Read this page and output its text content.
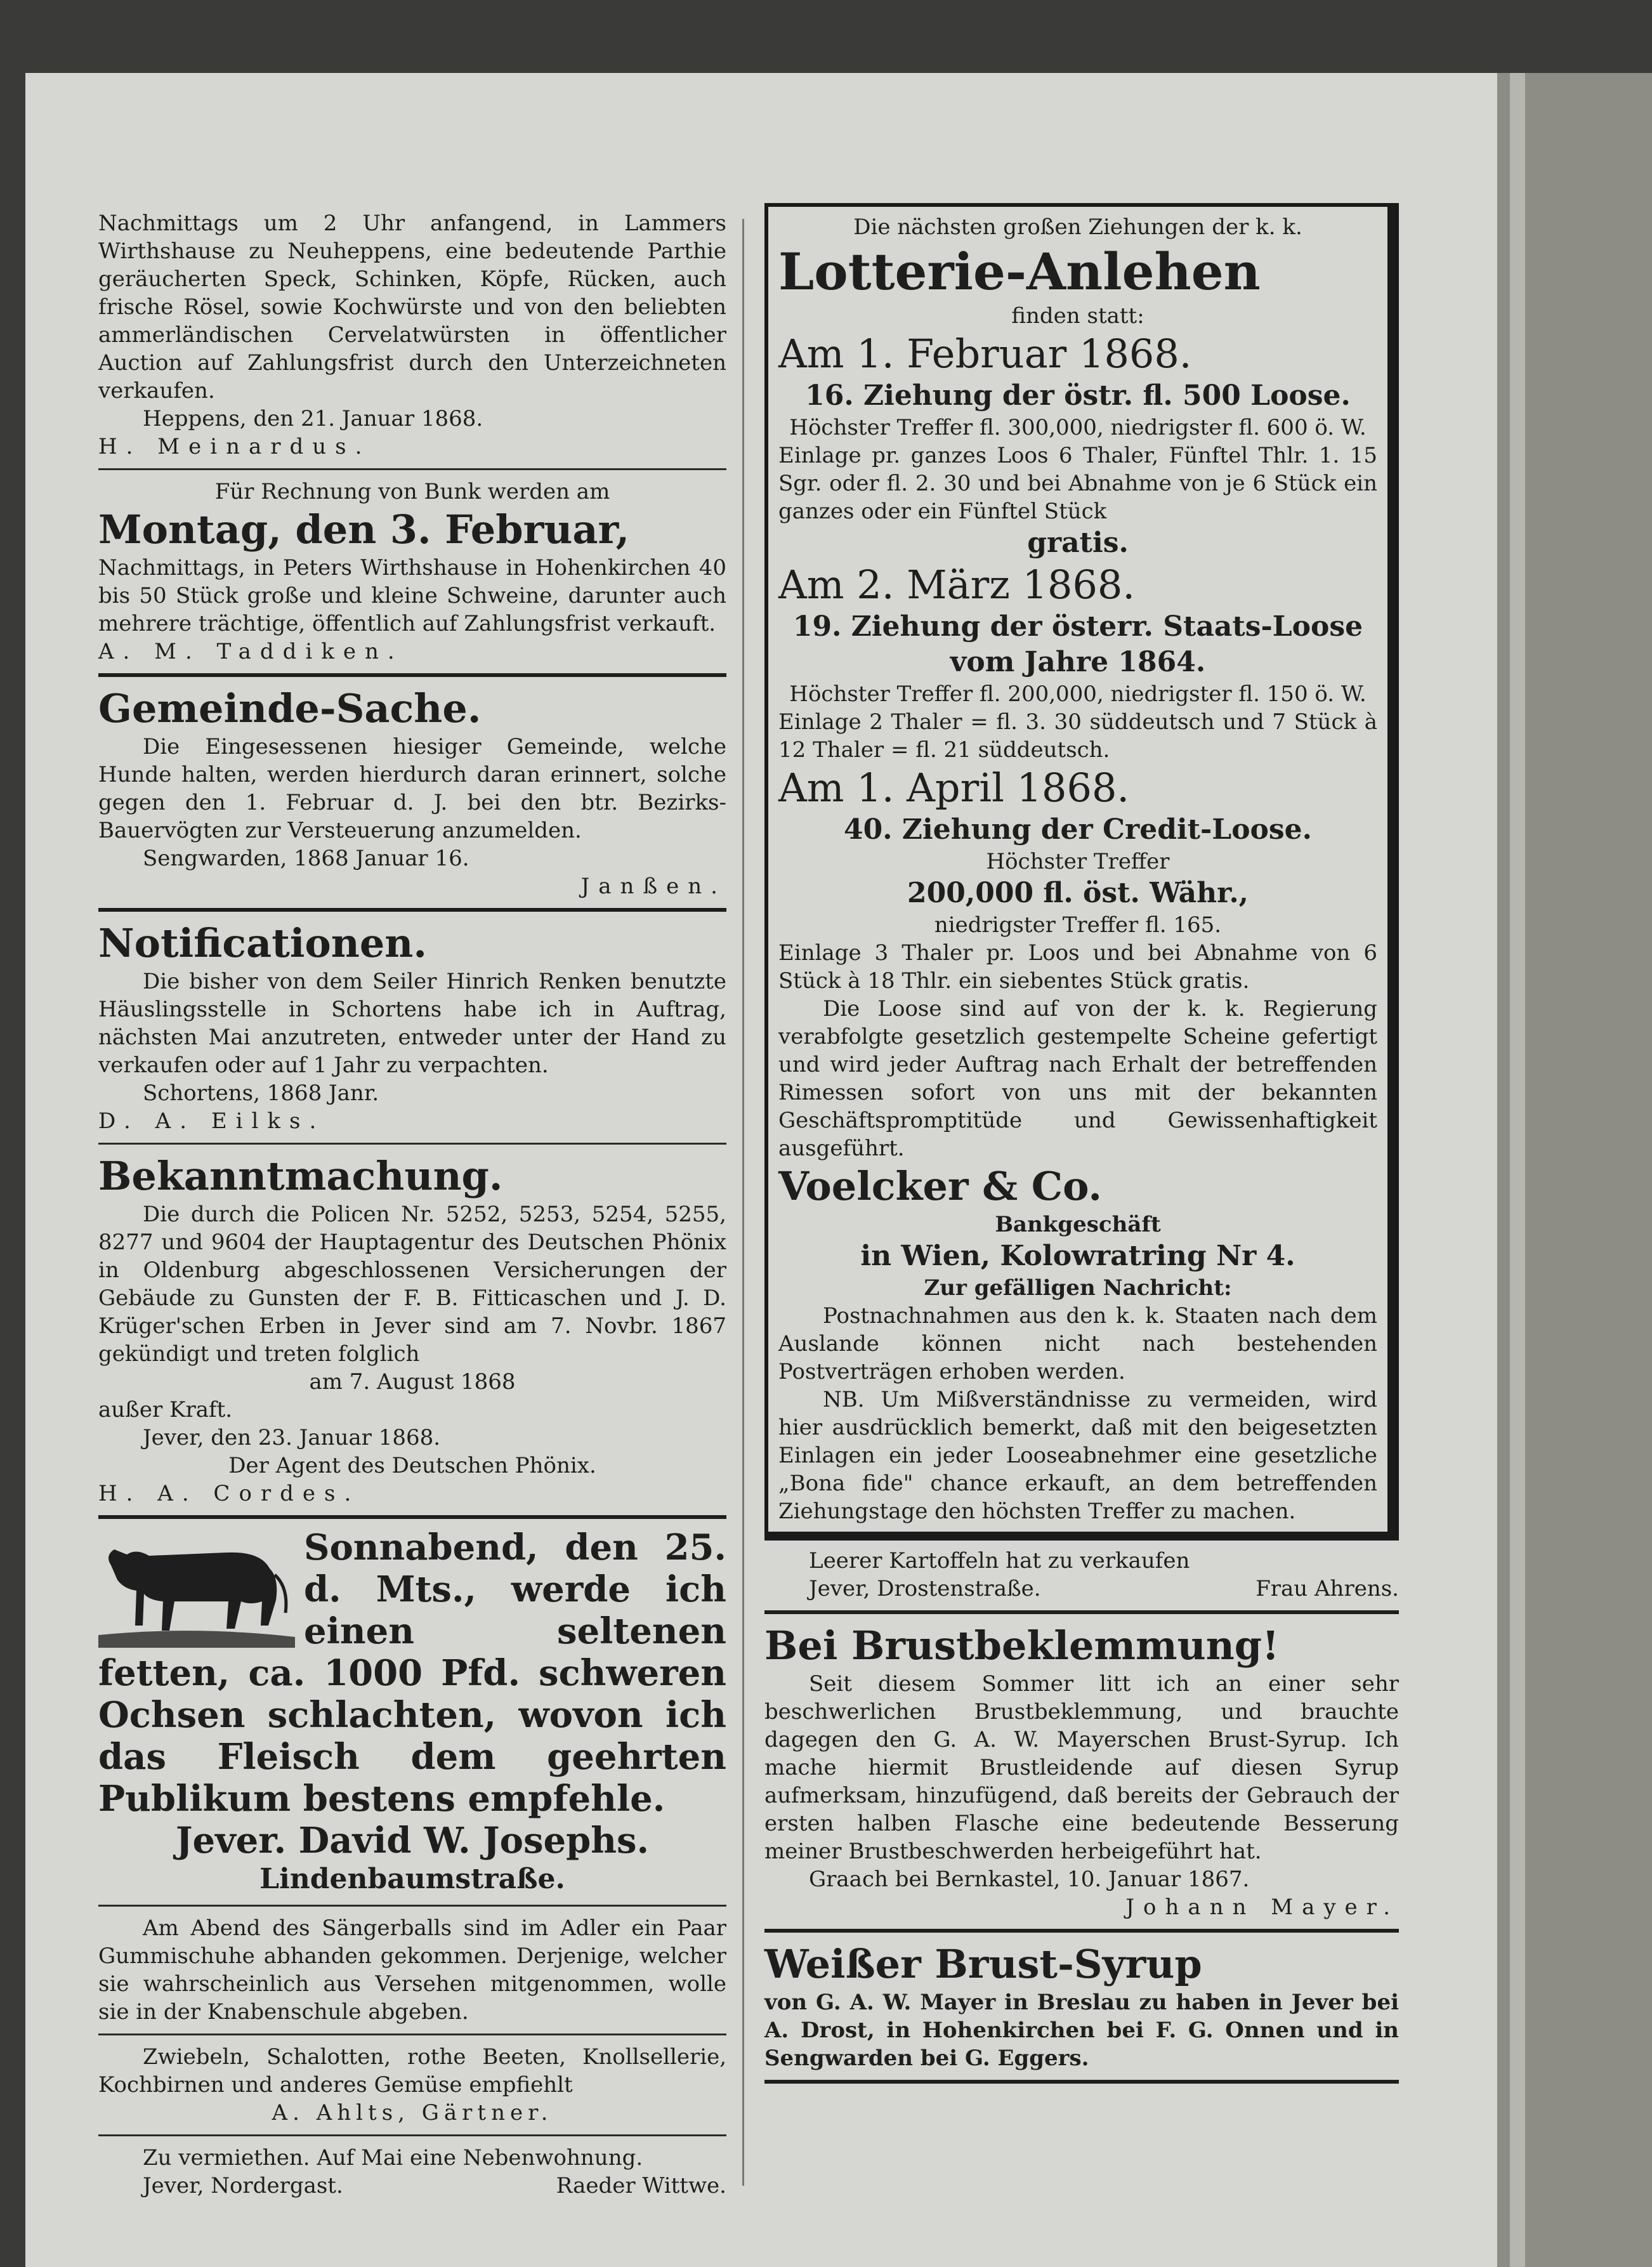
Nachmittags um 2 Uhr anfangend, in Lammers Wirthshause zu Neuheppens, eine bedeutende Parthie geräucherten Speck, Schinken, Köpfe, Rücken, auch frische Rösel, sowie Kochwürste und von den beliebten ammerländischen Cervelatwürsten in öffentlicher Auction auf Zahlungsfrist durch den Unterzeichneten verkaufen.

Heppens, den 21. Januar 1868.

H. Meinardus.

Für Rechnung von Bunk werden am

Montag, den 3. Februar,

Nachmittags, in Peters Wirthshause in Hohenkirchen 40 bis 50 Stück große und kleine Schweine, darunter auch mehrere trächtige, öffentlich auf Zahlungsfrist verkauft.

A. M. Taddiken.

Gemeinde-Sache.

Die Eingesessenen hiesiger Gemeinde, welche Hunde halten, werden hierdurch daran erinnert, solche gegen den 1. Februar d. J. bei den btr. Bezirks-Bauervögten zur Versteuerung anzumelden.

Sengwarden, 1868 Januar 16.

Janßen.

Notificationen.

Die bisher von dem Seiler Hinrich Renken benutzte Häuslingsstelle in Schortens habe ich in Auftrag, nächsten Mai anzutreten, entweder unter der Hand zu verkaufen oder auf 1 Jahr zu verpachten.

Schortens, 1868 Janr.

D. A. Eilks.

Bekanntmachung.

Die durch die Policen Nr. 5252, 5253, 5254, 5255, 8277 und 9604 der Hauptagentur des Deutschen Phönix in Oldenburg abgeschlossenen Versicherungen der Gebäude zu Gunsten der F. B. Fitticaschen und J. D. Krüger'schen Erben in Jever sind am 7. Novbr. 1867 gekündigt und treten folglich

am 7. August 1868

außer Kraft.

Jever, den 23. Januar 1868.

Der Agent des Deutschen Phönix.

H. A. Cordes.

Sonnabend, den 25. d. Mts., werde ich einen seltenen fetten, ca. 1000 Pfd. schweren Ochsen schlachten, wovon ich das Fleisch dem geehrten Publikum bestens empfehle.

Jever. David W. Josephs.

Lindenbaumstraße.

Am Abend des Sängerballs sind im Adler ein Paar Gummischuhe abhanden gekommen. Derjenige, welcher sie wahrscheinlich aus Versehen mitgenommen, wolle sie in der Knabenschule abgeben.

Zwiebeln, Schalotten, rothe Beeten, Knollsellerie, Kochbirnen und anderes Gemüse empfiehlt

A. Ahlts, Gärtner.

Zu vermiethen. Auf Mai eine Nebenwohnung.

Jever, Nordergast.	Raeder Wittwe.

Die nächsten großen Ziehungen der k. k.

Lotterie-Anlehen

finden statt:

Am 1. Februar 1868.

16. Ziehung der östr. fl. 500 Loose.

Höchster Treffer fl. 300,000, niedrigster fl. 600 ö. W.

Einlage pr. ganzes Loos 6 Thaler, Fünftel Thlr. 1. 15 Sgr. oder fl. 2. 30 und bei Abnahme von je 6 Stück ein ganzes oder ein Fünftel Stück

gratis.

Am 2. März 1868.

19. Ziehung der österr. Staats-Loose vom Jahre 1864.

Höchster Treffer fl. 200,000, niedrigster fl. 150 ö. W.

Einlage 2 Thaler = fl. 3. 30 süddeutsch und 7 Stück à 12 Thaler = fl. 21 süddeutsch.

Am 1. April 1868.

40. Ziehung der Credit-Loose.

Höchster Treffer

200,000 fl. öst. Währ.,

niedrigster Treffer fl. 165.

Einlage 3 Thaler pr. Loos und bei Abnahme von 6 Stück à 18 Thlr. ein siebentes Stück gratis.

Die Loose sind auf von der k. k. Regierung verabfolgte gesetzlich gestempelte Scheine gefertigt und wird jeder Auftrag nach Erhalt der betreffenden Rimessen sofort von uns mit der bekannten Geschäftspromptitüde und Gewissenhaftigkeit ausgeführt.

Voelcker & Co.

Bankgeschäft

in Wien, Kolowratring Nr 4.

Zur gefälligen Nachricht:

Postnachnahmen aus den k. k. Staaten nach dem Auslande können nicht nach bestehenden Postverträgen erhoben werden.

NB. Um Mißverständnisse zu vermeiden, wird hier ausdrücklich bemerkt, daß mit den beigesetzten Einlagen ein jeder Looseabnehmer eine gesetzliche „Bona fide" chance erkauft, an dem betreffenden Ziehungstage den höchsten Treffer zu machen.

Leerer Kartoffeln hat zu verkaufen

Jever, Drostenstraße.	Frau Ahrens.

Bei Brustbeklemmung!

Seit diesem Sommer litt ich an einer sehr beschwerlichen Brustbeklemmung, und brauchte dagegen den G. A. W. Mayerschen Brust-Syrup. Ich mache hiermit Brustleidende auf diesen Syrup aufmerksam, hinzufügend, daß bereits der Gebrauch der ersten halben Flasche eine bedeutende Besserung meiner Brustbeschwerden herbeigeführt hat.

Graach bei Bernkastel, 10. Januar 1867.

Johann Mayer.

Weißer Brust-Syrup

von G. A. W. Mayer in Breslau zu haben in Jever bei A. Drost, in Hohenkirchen bei F. G. Onnen und in Sengwarden bei G. Eggers.
